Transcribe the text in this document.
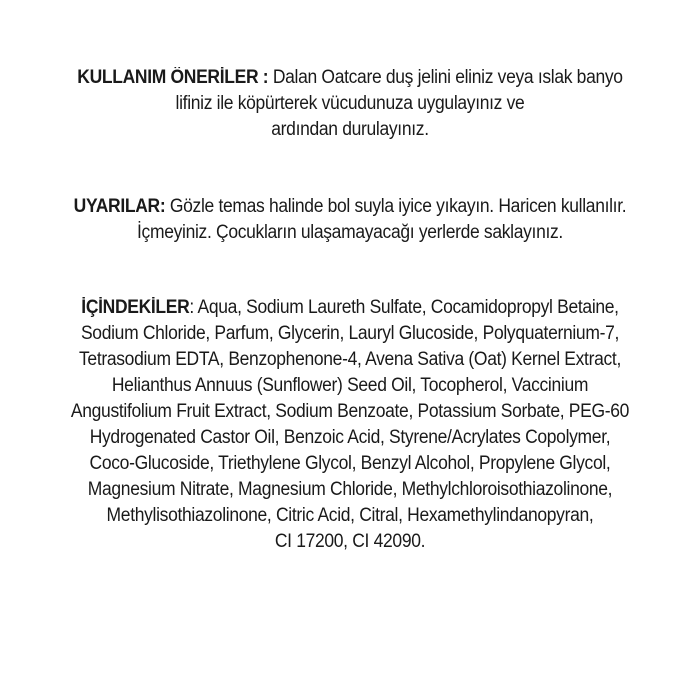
KULLANIM ÖNERİLER : Dalan Oatcare duş jelini eliniz veya ıslak banyo
lifiniz ile köpürterek vücudunuza uygulayınız ve
ardından durulayınız.
UYARILAR: Gözle temas halinde bol suyla iyice yıkayın. Haricen kullanılır.
İçmeyiniz. Çocukların ulaşamayacağı yerlerde saklayınız.
İÇİNDEKİLER: Aqua, Sodium Laureth Sulfate, Cocamidopropyl Betaine,
Sodium Chloride, Parfum, Glycerin, Lauryl Glucoside, Polyquaternium-7,
Tetrasodium EDTA, Benzophenone-4, Avena Sativa (Oat) Kernel Extract,
Helianthus Annuus (Sunflower) Seed Oil, Tocopherol, Vaccinium
Angustifolium Fruit Extract, Sodium Benzoate, Potassium Sorbate, PEG-60
Hydrogenated Castor Oil, Benzoic Acid, Styrene/Acrylates Copolymer,
Coco-Glucoside, Triethylene Glycol, Benzyl Alcohol, Propylene Glycol,
Magnesium Nitrate, Magnesium Chloride, Methylchloroisothiazolinone,
Methylisothiazolinone, Citric Acid, Citral, Hexamethylindanopyran,
CI 17200, CI 42090.
